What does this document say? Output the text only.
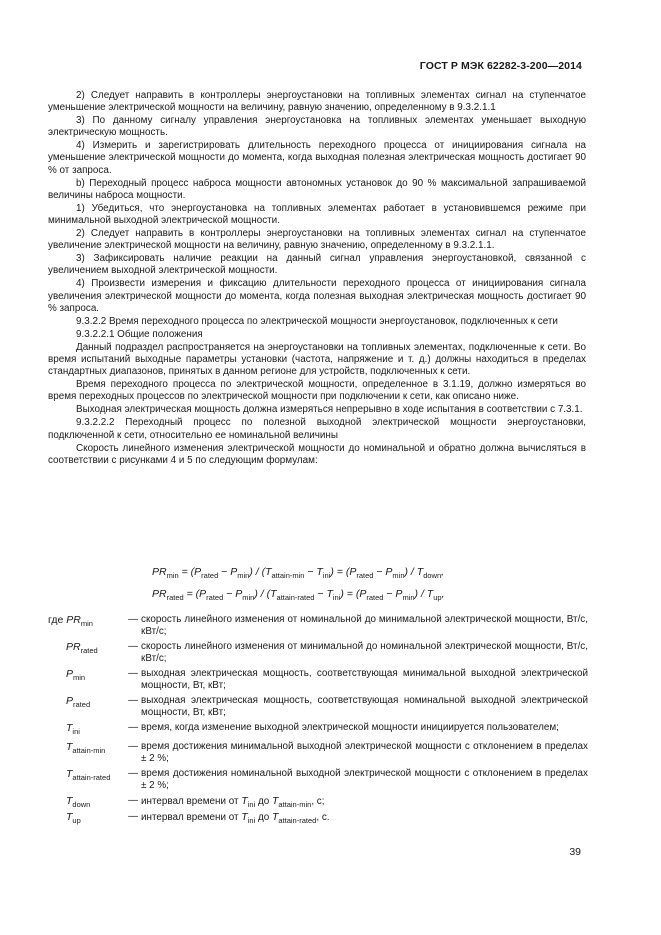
ГОСТ Р МЭК 62282-3-200—2014

2) Следует направить в контроллеры энергоустановки на топливных элементах сигнал на ступенчатое уменьшение электрической мощности на величину, равную значению, определенному в 9.3.2.1.1

3) По данному сигналу управления энергоустановка на топливных элементах уменьшает выходную электрическую мощность.

4) Измерить и зарегистрировать длительность переходного процесса от инициирования сигнала на уменьшение электрической мощности до момента, когда выходная полезная электрическая мощность достигает 90 % от запроса.

b) Переходный процесс наброса мощности автономных установок до 90 % максимальной запрашиваемой величины наброса мощности.

1) Убедиться, что энергоустановка на топливных элементах работает в установившемся режиме при минимальной выходной электрической мощности.

2) Следует направить в контроллеры энергоустановки на топливных элементах сигнал на ступенчатое увеличение электрической мощности на величину, равную значению, определенному в 9.3.2.1.1.

3) Зафиксировать наличие реакции на данный сигнал управления энергоустановкой, связанной с увеличением выходной электрической мощности.

4) Произвести измерения и фиксацию длительности переходного процесса от инициирования сигнала увеличения электрической мощности до момента, когда полезная выходная электрическая мощность достигает 90 % запроса.

9.3.2.2 Время переходного процесса по электрической мощности энергоустановок, подключенных к сети

9.3.2.2.1 Общие положения

Данный подраздел распространяется на энергоустановки на топливных элементах, подключенные к сети. Во время испытаний выходные параметры установки (частота, напряжение и т. д.) должны находиться в пределах стандартных диапазонов, принятых в данном регионе для устройств, подключенных к сети.

Время переходного процесса по электрической мощности, определенное в 3.1.19, должно измеряться во время переходных процессов по электрической мощности при подключении к сети, как описано ниже.

Выходная электрическая мощность должна измеряться непрерывно в ходе испытания в соответствии с 7.3.1.

9.3.2.2.2 Переходный процесс по полезной выходной электрической мощности энергоустановки, подключенной к сети, относительно ее номинальной величины

Скорость линейного изменения электрической мощности до номинальной и обратно должна вычисляться в соответствии с рисунками 4 и 5 по следующим формулам:

$PR_{min} = (P_{rated} - P_{min}) / (T_{attain-min} - T_{ini}) = (P_{rated} - P_{min}) / T_{down}$,
$PR_{rated} = (P_{rated} - P_{min}) / (T_{attain-rated} - T_{ini}) = (P_{rated} - P_{min}) / T_{up}$,
где $PR_{min}$	— скорость линейного изменения от номинальной до минимальной электрической мощности, Вт/с, кВт/с;
$PR_{rated}$	— скорость линейного изменения от минимальной до номинальной электрической мощности, Вт/с, кВт/с;
$P_{min}$	— выходная электрическая мощность, соответствующая минимальной выходной электрической мощности, Вт, кВт;
$P_{rated}$	— выходная электрическая мощность, соответствующая номинальной выходной электрической мощности, Вт, кВт;
$T_{ini}$	— время, когда изменение выходной электрической мощности инициируется пользователем;
$T_{attain-min}$	— время достижения минимальной выходной электрической мощности с отклонением в пределах ± 2 %;
$T_{attain-rated}$	— время достижения номинальной выходной электрической мощности с отклонением в пределах ± 2 %;
$T_{down}$	— интервал времени от $T_{ini}$ до $T_{attain-min}$, с;
$T_{up}$	— интервал времени от $T_{ini}$ до $T_{attain-rated}$, с.
39
